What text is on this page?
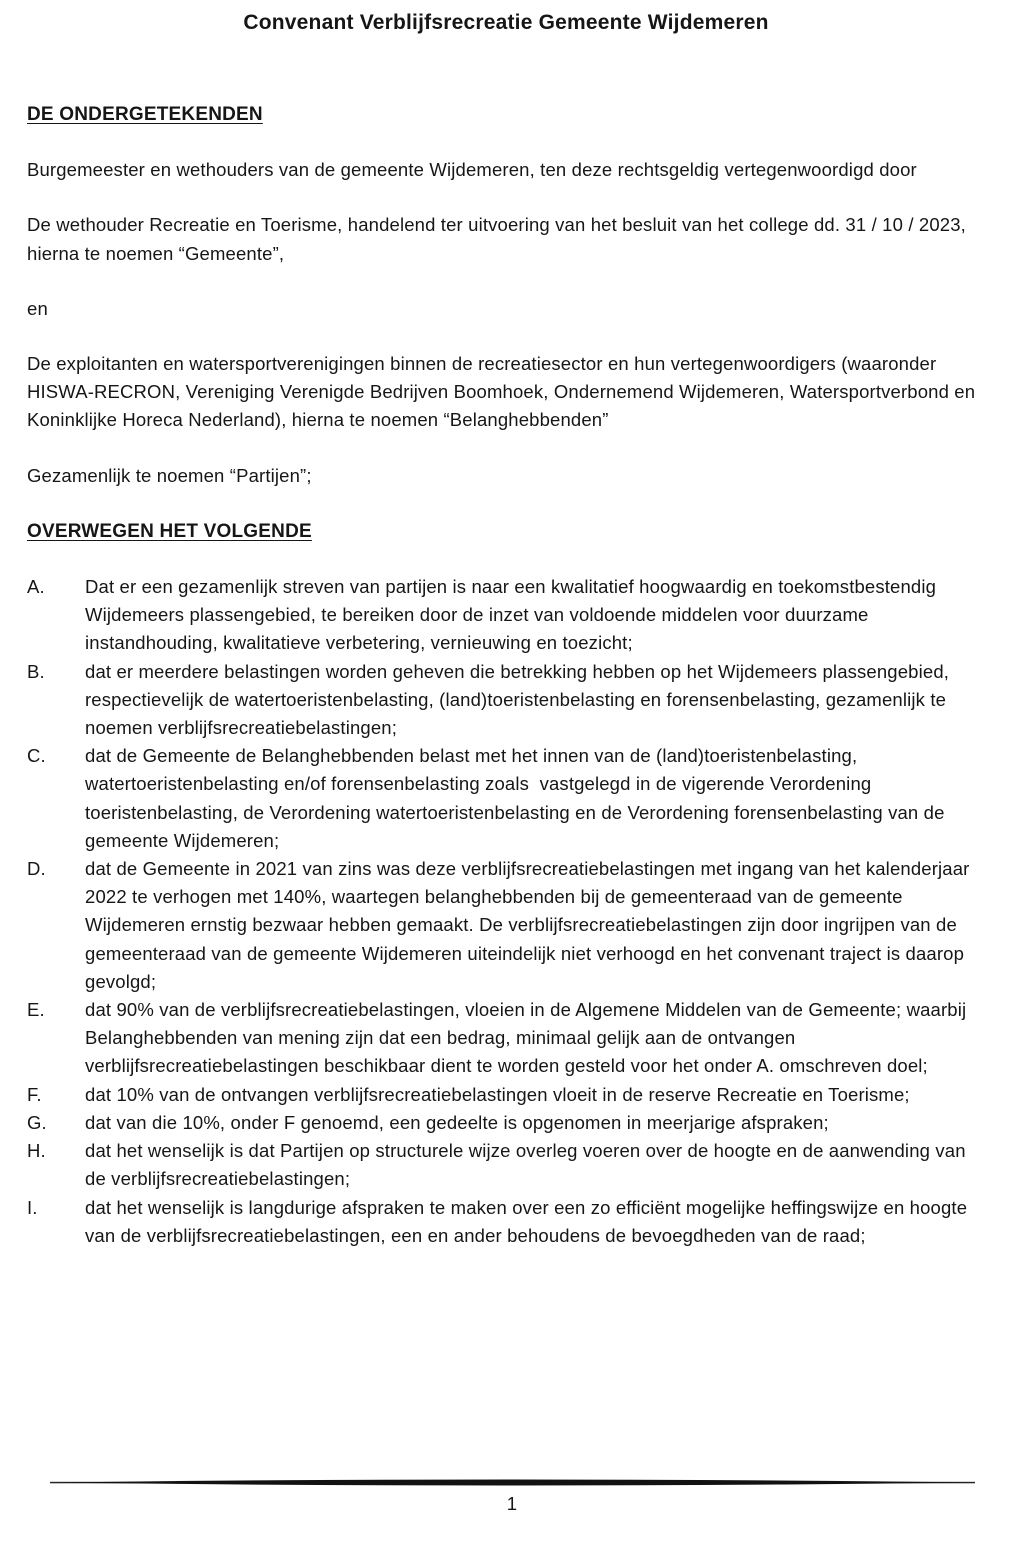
Convenant Verblijfsrecreatie Gemeente Wijdemeren
DE ONDERGETEKENDEN

Burgemeester en wethouders van de gemeente Wijdemeren, ten deze rechtsgeldig vertegenwoordigd door

De wethouder Recreatie en Toerisme, handelend ter uitvoering van het besluit van het college dd. 31 / 10 / 2023, hierna te noemen “Gemeente”,

en

De exploitanten en watersportverenigingen binnen de recreatiesector en hun vertegenwoordigers (waaronder HISWA-RECRON, Vereniging Verenigde Bedrijven Boomhoek, Ondernemend Wijdemeren, Watersportverbond en Koninklijke Horeca Nederland), hierna te noemen “Belanghebbenden”

Gezamenlijk te noemen “Partijen”;

OVERWEGEN HET VOLGENDE
A.	Dat er een gezamenlijk streven van partijen is naar een kwalitatief hoogwaardig en toekomstbestendig Wijdemeers plassengebied, te bereiken door de inzet van voldoende middelen voor duurzame instandhouding, kwalitatieve verbetering, vernieuwing en toezicht;
B.	dat er meerdere belastingen worden geheven die betrekking hebben op het Wijdemeers plassengebied, respectievelijk de watertoeristenbelasting, (land)toeristenbelasting en forensenbelasting, gezamenlijk te noemen verblijfsrecreatiebelastingen;
C.	dat de Gemeente de Belanghebbenden belast met het innen van de (land)toeristenbelasting, watertoeristenbelasting en/of forensenbelasting zoals  vastgelegd in de vigerende Verordening toeristenbelasting, de Verordening watertoeristenbelasting en de Verordening forensenbelasting van de gemeente Wijdemeren;
D.	dat de Gemeente in 2021 van zins was deze verblijfsrecreatiebelastingen met ingang van het kalenderjaar 2022 te verhogen met 140%, waartegen belanghebbenden bij de gemeenteraad van de gemeente Wijdemeren ernstig bezwaar hebben gemaakt. De verblijfsrecreatiebelastingen zijn door ingrijpen van de gemeenteraad van de gemeente Wijdemeren uiteindelijk niet verhoogd en het convenant traject is daarop gevolgd;
E.	dat 90% van de verblijfsrecreatiebelastingen, vloeien in de Algemene Middelen van de Gemeente; waarbij Belanghebbenden van mening zijn dat een bedrag, minimaal gelijk aan de ontvangen verblijfsrecreatiebelastingen beschikbaar dient te worden gesteld voor het onder A. omschreven doel;
F.	dat 10% van de ontvangen verblijfsrecreatiebelastingen vloeit in de reserve Recreatie en Toerisme;
G.	dat van die 10%, onder F genoemd, een gedeelte is opgenomen in meerjarige afspraken;
H.	dat het wenselijk is dat Partijen op structurele wijze overleg voeren over de hoogte en de aanwending van de verblijfsrecreatiebelastingen;
I.	dat het wenselijk is langdurige afspraken te maken over een zo efficiënt mogelijke heffingswijze en hoogte van de verblijfsrecreatiebelastingen, een en ander behoudens de bevoegdheden van de raad;
1
